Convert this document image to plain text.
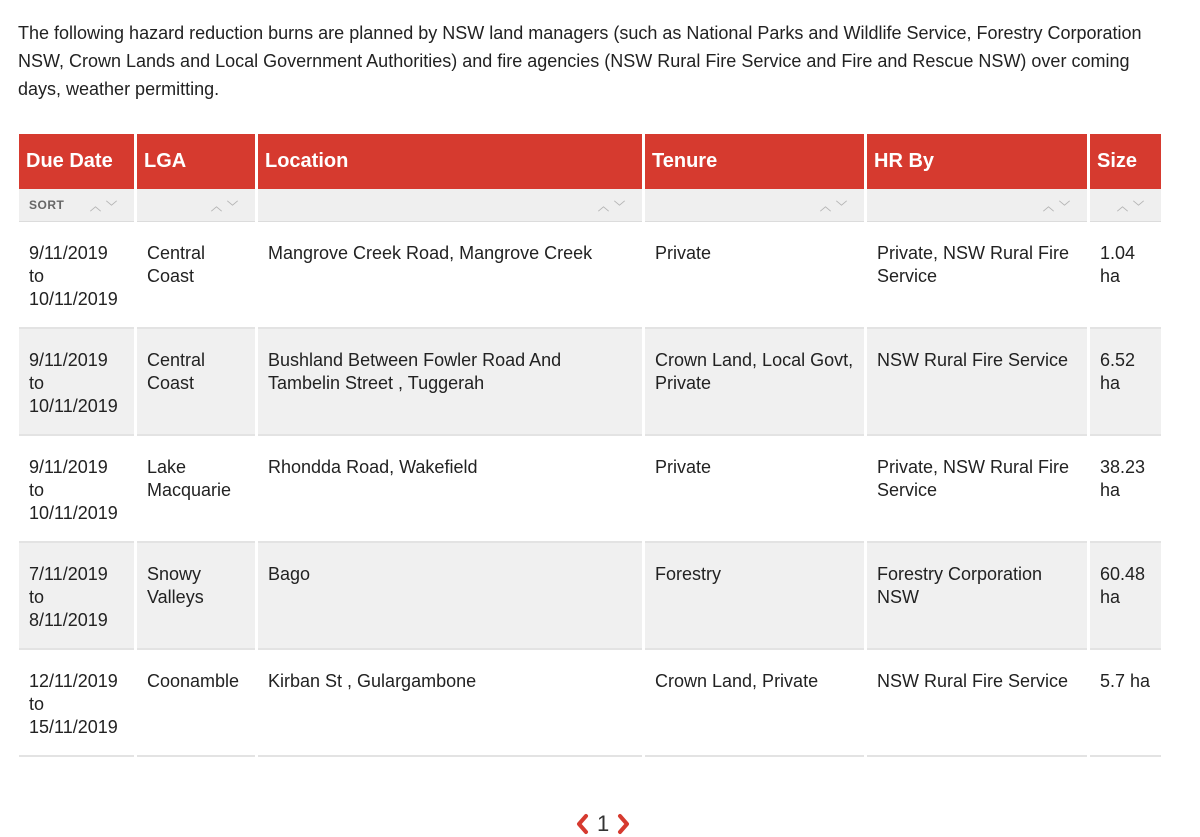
The following hazard reduction burns are planned by NSW land managers (such as National Parks and Wildlife Service, Forestry Corporation NSW, Crown Lands and Local Government Authorities) and fire agencies (NSW Rural Fire Service and Fire and Rescue NSW) over coming days, weather permitting.

Due Date	LGA	Location	Tenure	HR By	Size
SORT ︿﹀	︿﹀	︿﹀	︿﹀	︿﹀	︿﹀

9/11/2019 to 10/11/2019	Central Coast	Mangrove Creek Road, Mangrove Creek	Private	Private, NSW Rural Fire Service	1.04 ha
9/11/2019 to 10/11/2019	Central Coast	Bushland Between Fowler Road And Tambelin Street , Tuggerah	Crown Land, Local Govt, Private	NSW Rural Fire Service	6.52 ha
9/11/2019 to 10/11/2019	Lake Macquarie	Rhondda Road, Wakefield	Private	Private, NSW Rural Fire Service	38.23 ha
7/11/2019 to 8/11/2019	Snowy Valleys	Bago	Forestry	Forestry Corporation NSW	60.48 ha
12/11/2019 to 15/11/2019	Coonamble	Kirban St , Gulargambone	Crown Land, Private	NSW Rural Fire Service	5.7 ha
1
